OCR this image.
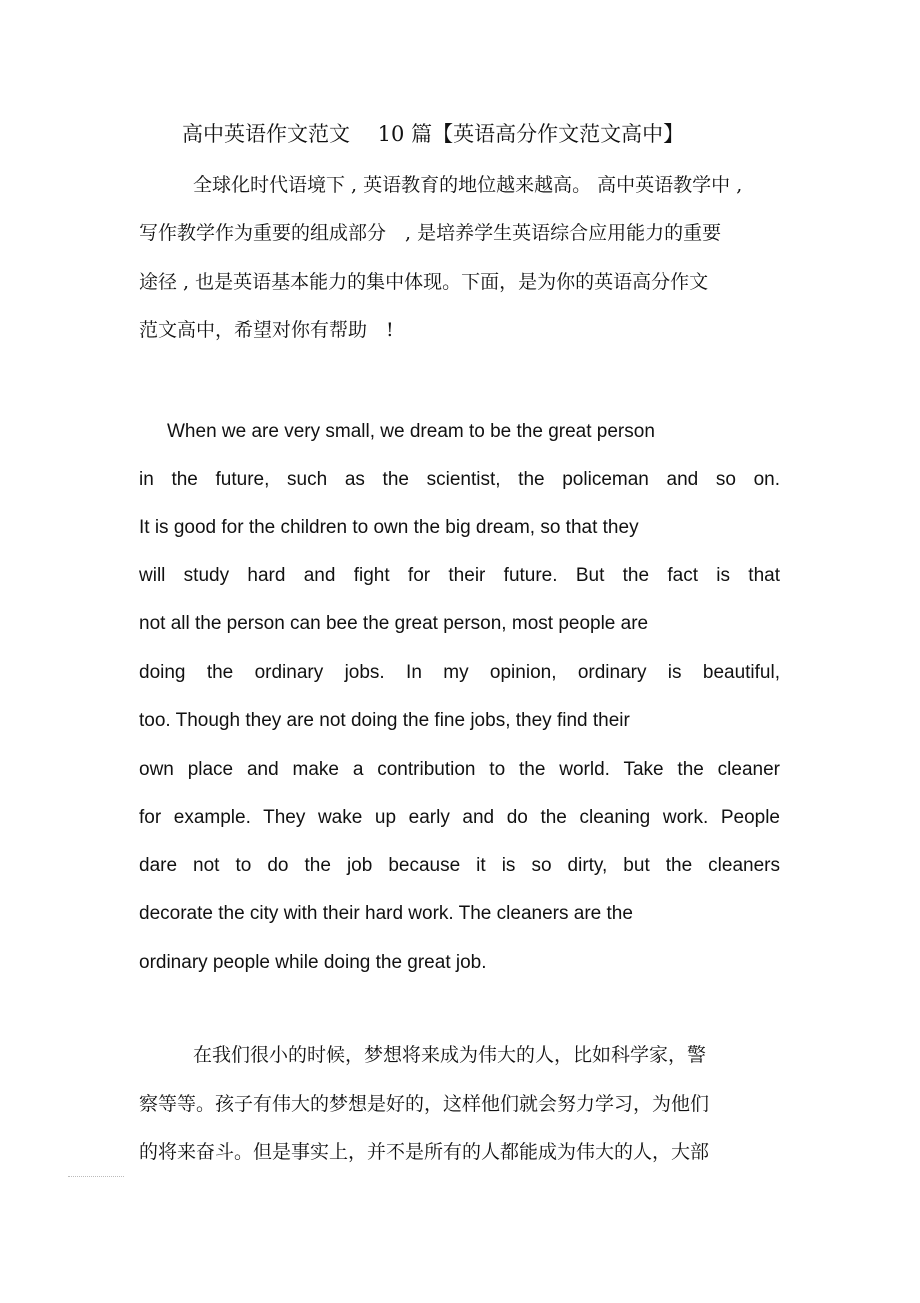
高中英语作文范文　 10 篇【英语高分作文范文高中】
全球化时代语境下 , 英语教育的地位越来越高。 高中英语教学中 ,
写作教学作为重要的组成部分　, 是培养学生英语综合应用能力的重要
途径 , 也是英语基本能力的集中体现。下面，是为你的英语高分作文
范文高中，希望对你有帮助　!
When we are very small, we dream to be the great person
in the future, such as the scientist, the policeman and so on.
It is good for the children to own the big dream, so that they
will study hard and fight for their future. But the fact is that
not all the person can bee the great person, most people are
doing the ordinary jobs. In my opinion, ordinary is beautiful,
too. Though they are not doing the fine jobs, they find their
own place and make a contribution to the world. Take the cleaner
for example. They wake up early and do the cleaning work. People
dare not to do the job because it is so dirty, but the cleaners
decorate the city with their hard work. The cleaners are the
ordinary people while doing the great job.
在我们很小的时候，梦想将来成为伟大的人，比如科学家，警
察等等。孩子有伟大的梦想是好的，这样他们就会努力学习，为他们
的将来奋斗。但是事实上，并不是所有的人都能成为伟大的人，大部
